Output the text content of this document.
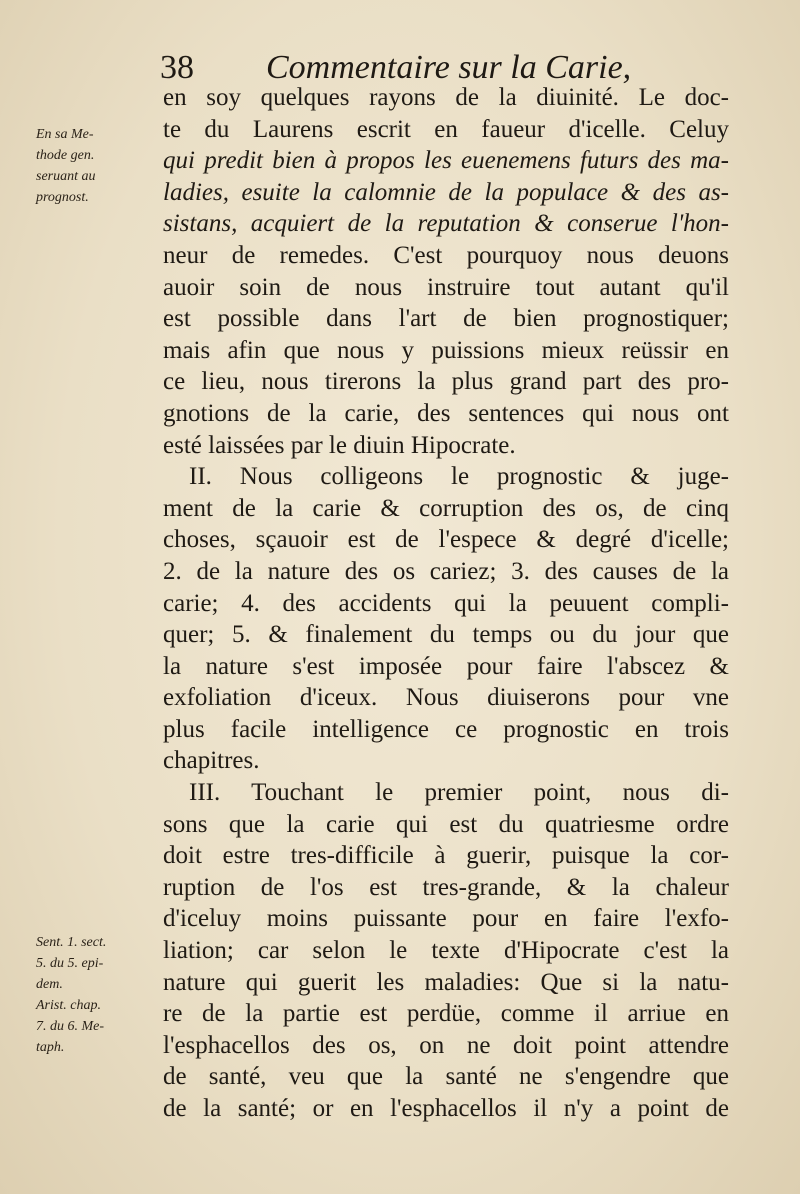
38 Commentaire sur la Carie,
En sa Me-
thode gen.
seruant au
prognost.
Sent. 1. sect.
5. du 5. epi-
dem.
Arist. chap.
7. du 6. Me-
taph.
en soy quelques rayons de la diuinité. Le doc-
te du Laurens escrit en faueur d'icelle. Celuy
qui predit bien à propos les euenemens futurs des ma-
ladies, esuite la calomnie de la populace & des as-
sistans, acquiert de la reputation & conserue l'hon-
neur de remedes. C'est pourquoy nous deuons
auoir soin de nous instruire tout autant qu'il
est possible dans l'art de bien prognostiquer;
mais afin que nous y puissions mieux reüssir en
ce lieu, nous tirerons la plus grand part des pro-
gnotions de la carie, des sentences qui nous ont
esté laissées par le diuin Hipocrate.
II. Nous colligeons le prognostic & juge-
ment de la carie & corruption des os, de cinq
choses, sçauoir est de l'espece & degré d'icelle;
2. de la nature des os cariez; 3. des causes de la
carie; 4. des accidents qui la peuuent compli-
quer; 5. & finalement du temps ou du jour que
la nature s'est imposée pour faire l'abscez &
exfoliation d'iceux. Nous diuiserons pour vne
plus facile intelligence ce prognostic en trois
chapitres.
III. Touchant le premier point, nous di-
sons que la carie qui est du quatriesme ordre
doit estre tres-difficile à guerir, puisque la cor-
ruption de l'os est tres-grande, & la chaleur
d'iceluy moins puissante pour en faire l'exfo-
liation; car selon le texte d'Hipocrate c'est la
nature qui guerit les maladies: Que si la natu-
re de la partie est perdüe, comme il arriue en
l'esphacellos des os, on ne doit point attendre
de santé, veu que la santé ne s'engendre que
de la santé; or en l'esphacellos il n'y a point de
